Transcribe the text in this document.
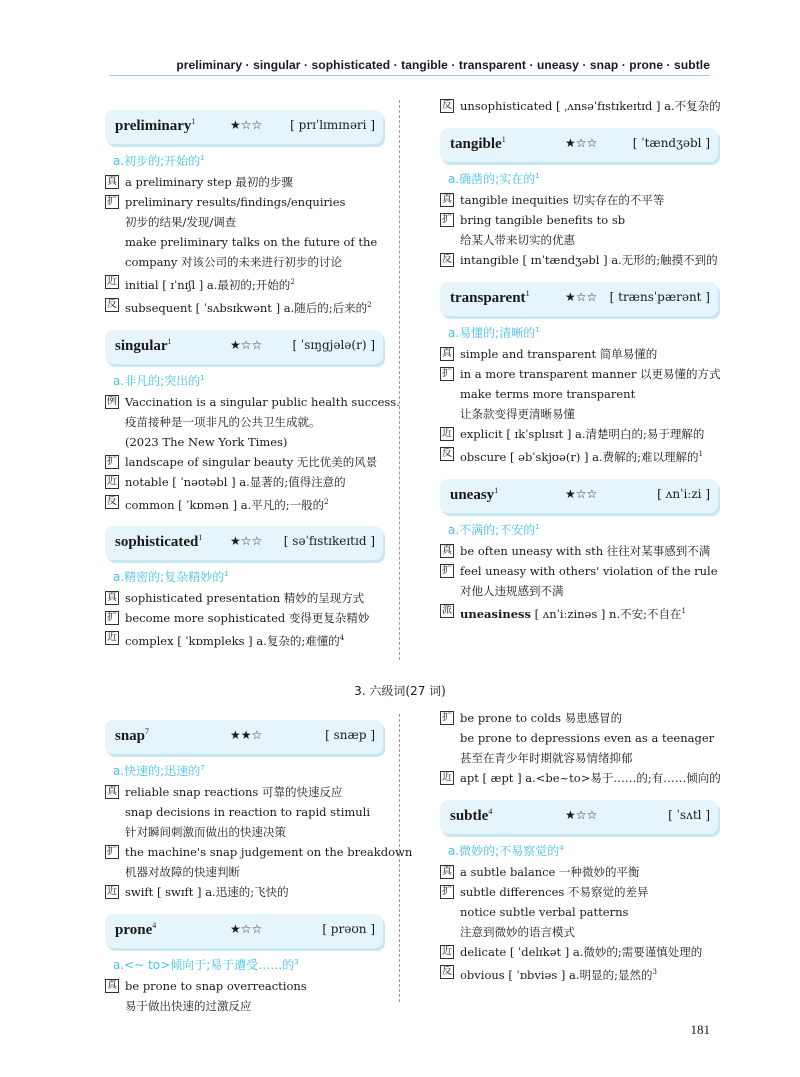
preliminary · singular · sophisticated · tangible · transparent · uneasy · snap · prone · subtle
preliminary$^1$	★☆☆ [ prɪˈlɪmɪnəri ]
a.初步的;开始的$^1$
真 a preliminary step 最初的步骤
扩 preliminary results/findings/enquiries
初步的结果/发现/调查
make preliminary talks on the future of the
company 对该公司的未来进行初步的讨论
近 initial [ ɪˈnɪʃl ] a.最初的;开始的$^2$
反 subsequent [ ˈsʌbsɪkwənt ] a.随后的;后来的$^2$
singular$^1$	★☆☆	[ ˈsɪŋgjələ(r) ]
a.非凡的;突出的$^1$
例 Vaccination is a singular public health success.
疫苗接种是一项非凡的公共卫生成就。
(2023 The New York Times)
扩 landscape of singular beauty 无比优美的风景
近 notable [ ˈnəʊtəbl ] a.显著的;值得注意的
反 common [ ˈkɒmən ] a.平凡的;一般的$^2$
sophisticated$^1$ ★☆☆ [ səˈfɪstɪkeɪtɪd ]
a.精密的;复杂精妙的$^1$
真 sophisticated presentation 精妙的呈现方式
扩 become more sophisticated 变得更复杂精妙
近 complex [ ˈkɒmpleks ] a.复杂的;难懂的$^4$
反 unsophisticated [ ˌʌnsəˈfɪstɪkeɪtɪd ] a.不复杂的
tangible$^1$	★☆☆	[ ˈtændʒəbl ]
a.确凿的;实在的$^1$
真 tangible inequities 切实存在的不平等
扩 bring tangible benefits to sb
给某人带来切实的优惠
反 intangible [ ɪnˈtændʒəbl ] a.无形的;触摸不到的
transparent$^1$	★☆☆ [ trænsˈpærənt ]
a.易懂的;清晰的$^1$
真 simple and transparent 简单易懂的
扩 in a more transparent manner 以更易懂的方式
make terms more transparent
让条款变得更清晰易懂
近 explicit [ ɪkˈsplɪsɪt ] a.清楚明白的;易于理解的
反 obscure [ əbˈskjʊə(r) ] a.费解的;难以理解的$^1$
uneasy$^1$	★☆☆	[ ʌnˈiːzi ]
a.不满的;不安的$^1$
真 be often uneasy with sth 往往对某事感到不满
扩 feel uneasy with others' violation of the rule
对他人违规感到不满
派 uneasiness [ ʌnˈiːzinəs ] n.不安;不自在$^1$
3. 六级词(27 词)
snap$^7$	★★☆	[ snæp ]
a.快速的;迅速的$^7$
真 reliable snap reactions 可靠的快速反应
snap decisions in reaction to rapid stimuli
针对瞬间刺激而做出的快速决策
扩 the machine's snap judgement on the breakdown
机器对故障的快速判断
近 swift [ swɪft ] a.迅速的;飞快的
prone$^4$	★☆☆	[ prəʊn ]
a.<~ to>倾向于;易于遭受……的$^3$
真 be prone to snap overreactions
易于做出快速的过激反应
扩 be prone to colds 易患感冒的
be prone to depressions even as a teenager
甚至在青少年时期就容易情绪抑郁
近 apt [ æpt ] a.<be~to>易于……的;有……倾向的
subtle$^4$	★☆☆	[ ˈsʌtl ]
a.微妙的;不易察觉的$^4$
真 a subtle balance 一种微妙的平衡
扩 subtle differences 不易察觉的差异
notice subtle verbal patterns
注意到微妙的语言模式
近 delicate [ ˈdelɪkət ] a.微妙的;需要谨慎处理的
反 obvious [ ˈɒbviəs ] a.明显的;显然的$^3$
181
